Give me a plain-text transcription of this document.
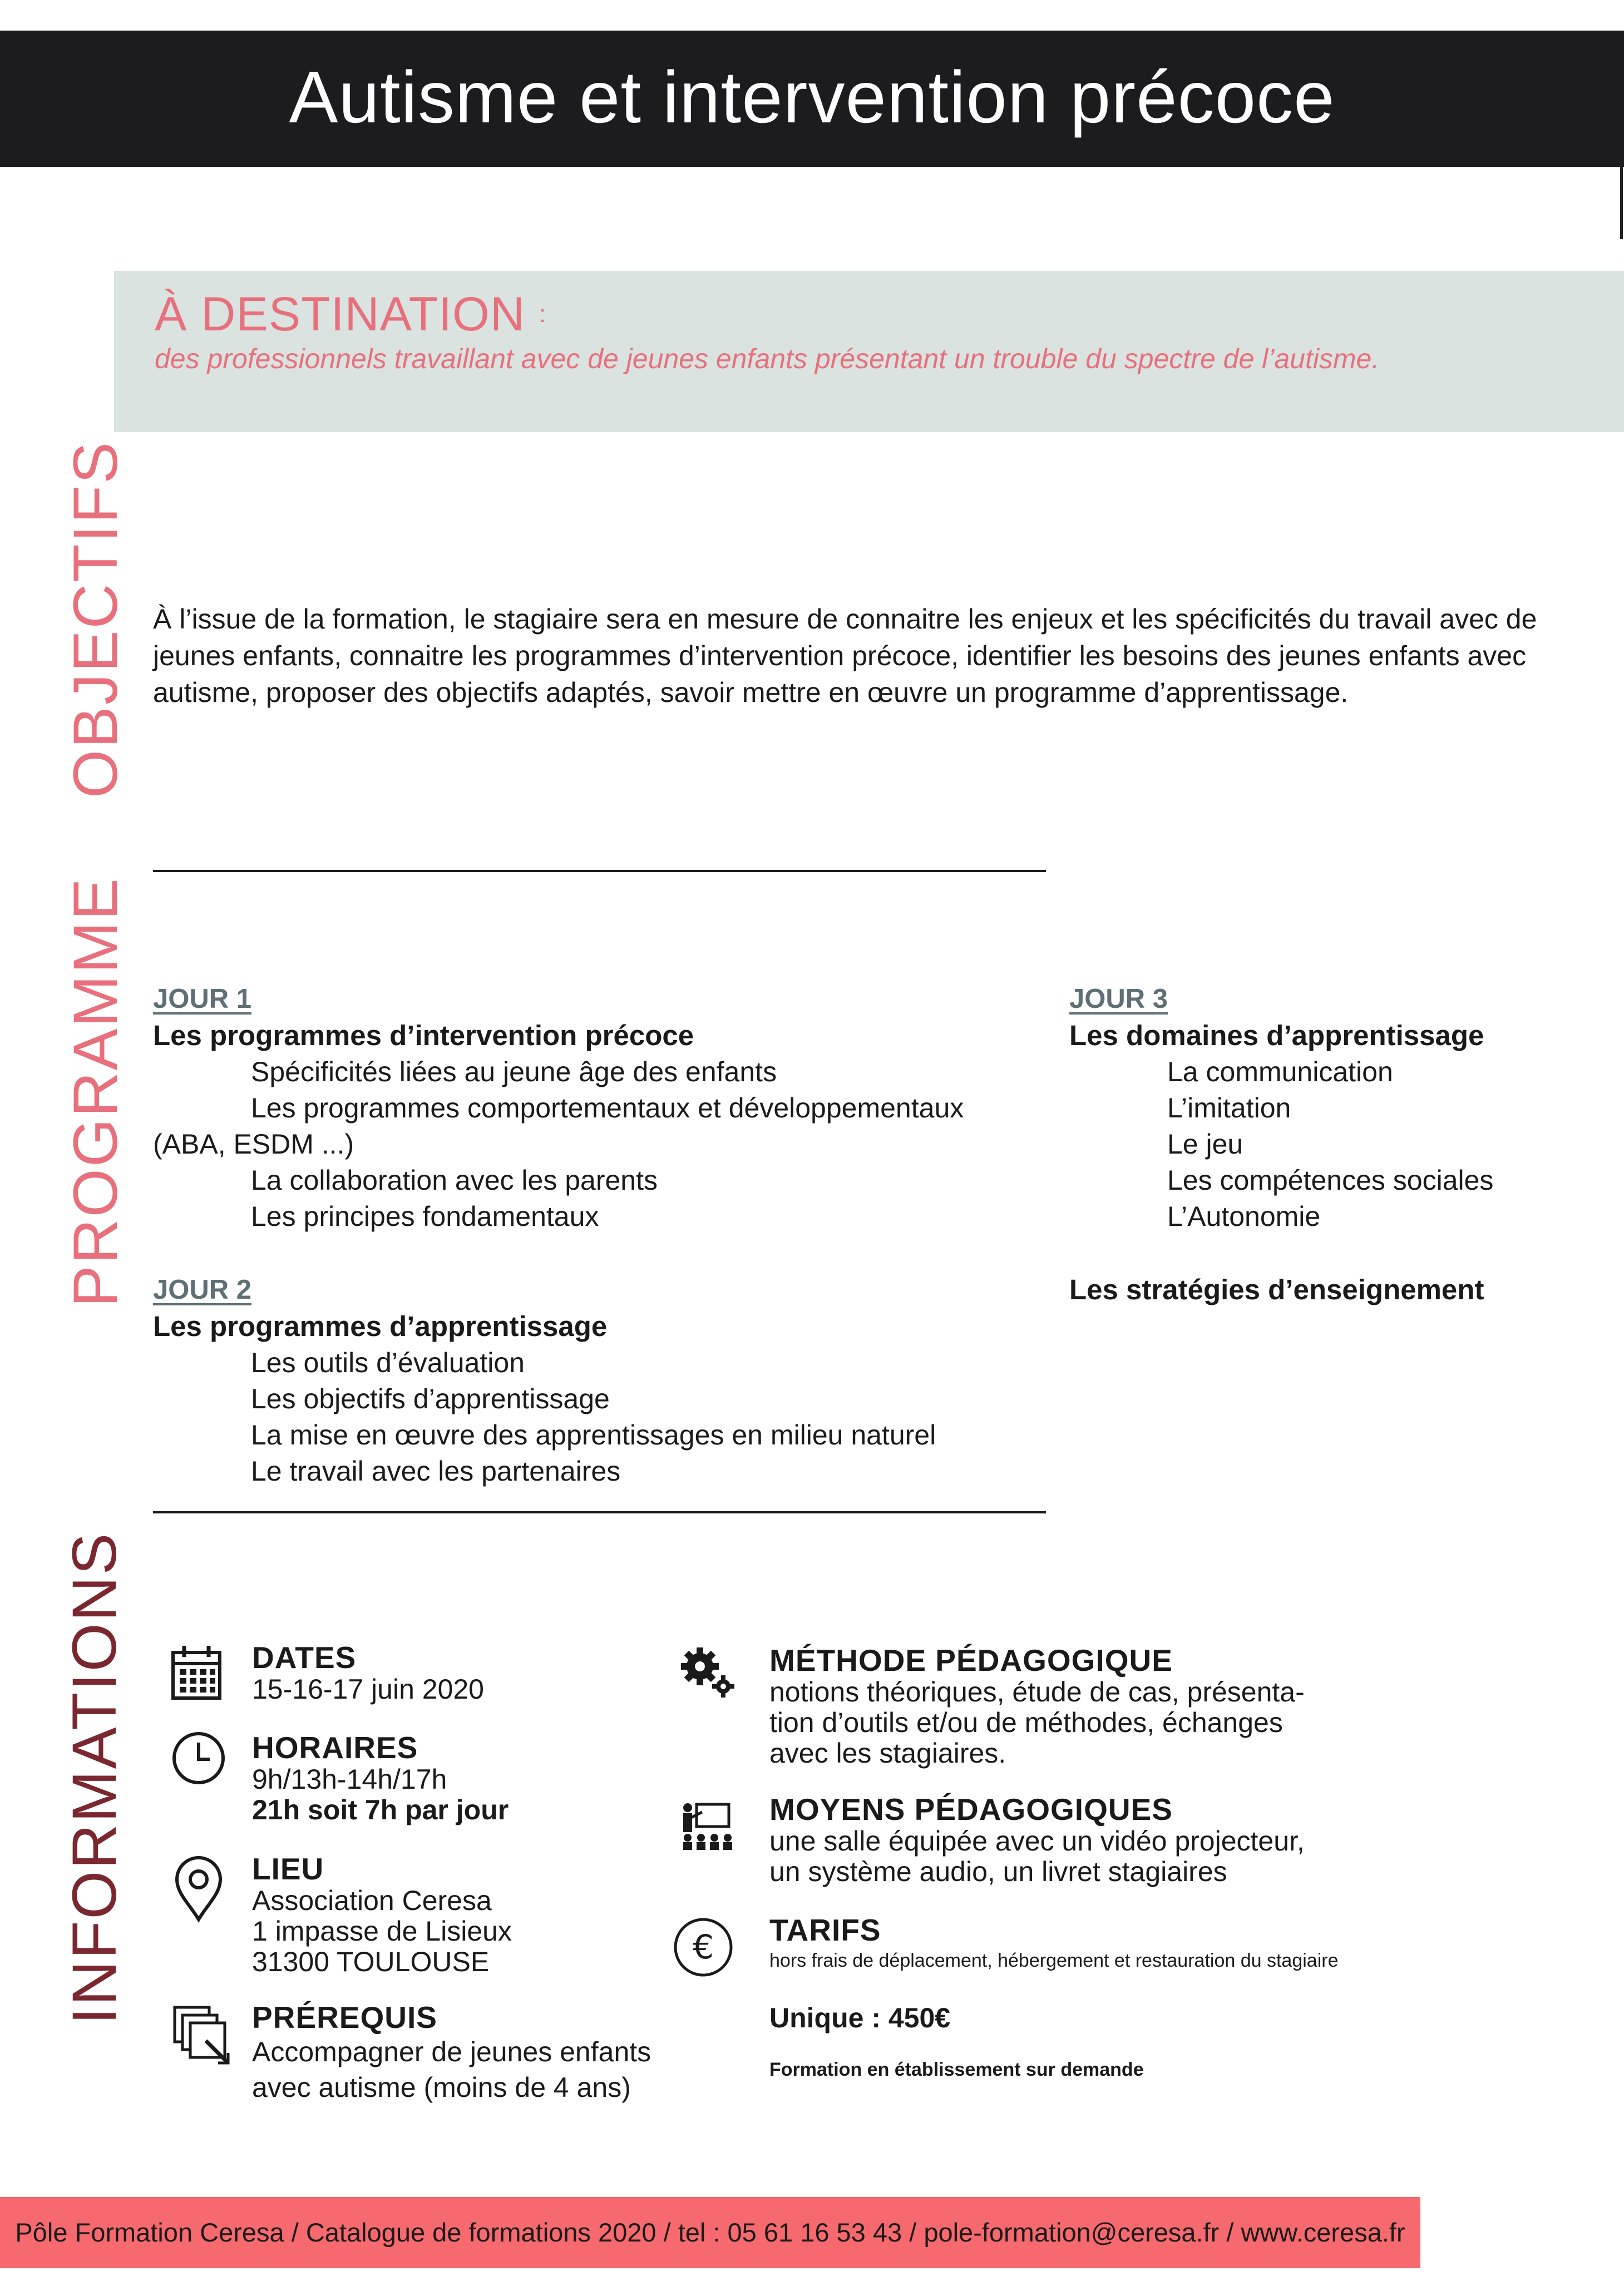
Autisme et intervention précoce
À DESTINATION :
des professionnels travaillant avec de jeunes enfants présentant un trouble du spectre de l’autisme.
OBJECTIFS
PROGRAMME
INFORMATIONS
À l’issue de la formation, le stagiaire sera en mesure de connaitre les enjeux et les spécificités du travail avec de
jeunes enfants, connaitre les programmes d’intervention précoce, identifier les besoins des jeunes enfants avec
autisme, proposer des objectifs adaptés, savoir mettre en œuvre un programme d’apprentissage.
JOUR 1
Les programmes d’intervention précoce
Spécificités liées au jeune âge des enfants
Les programmes comportementaux et développementaux
(ABA, ESDM ...)
La collaboration avec les parents
Les principes fondamentaux
JOUR 2
Les programmes d’apprentissage
Les outils d’évaluation
Les objectifs d’apprentissage
La mise en œuvre des apprentissages en milieu naturel
Le travail avec les partenaires
JOUR 3
Les domaines d’apprentissage
La communication
L’imitation
Le jeu
Les compétences sociales
L’Autonomie
Les stratégies d’enseignement
€
DATES
15-16-17 juin 2020
HORAIRES
9h/13h-14h/17h
21h soit 7h par jour
LIEU
Association Ceresa
1 impasse de Lisieux
31300 TOULOUSE
PRÉREQUIS
Accompagner de jeunes enfants
avec autisme (moins de 4 ans)
MÉTHODE PÉDAGOGIQUE
notions théoriques, étude de cas, présenta-
tion d’outils et/ou de méthodes, échanges
avec les stagiaires.
MOYENS PÉDAGOGIQUES
une salle équipée avec un vidéo projecteur,
un système audio, un livret stagiaires
TARIFS
hors frais de déplacement, hébergement et restauration du stagiaire
Unique : 450€
Formation en établissement sur demande
Pôle Formation Ceresa / Catalogue de formations 2020 / tel : 05 61 16 53 43 / pole-formation@ceresa.fr / www.ceresa.fr
